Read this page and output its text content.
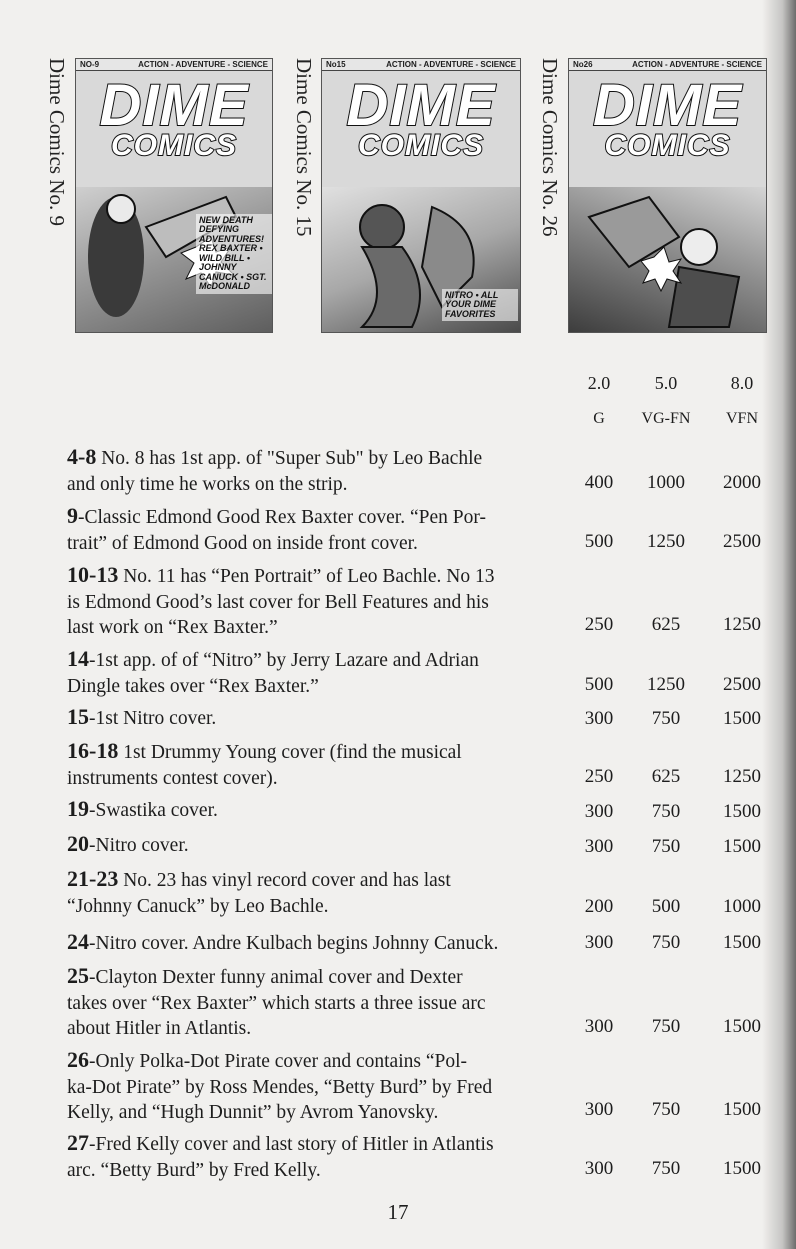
Dime Comics No. 9 NO-9	ACTION - ADVENTURE - SCIENCE
DIME
COMICS
NEW DEATH DEFYING ADVENTURES! REX BAXTER • WILD BILL • JOHNNY CANUCK • SGT. McDONALD
Dime Comics No. 15 No15	ACTION - ADVENTURE - SCIENCE
DIME
COMICS
NITRO • ALL YOUR DIME FAVORITES
Dime Comics No. 26 No26	ACTION - ADVENTURE - SCIENCE
DIME
COMICS
2.0	5.0	8.0
G	VG-FN	VFN
4-8 No. 8 has 1st app. of "Super Sub" by Leo Bachle
and only time he works on the strip.	400	1000	2000
9-Classic Edmond Good Rex Baxter cover. “Pen Por-
trait” of Edmond Good on inside front cover.	500	1250	2500
10-13 No. 11 has “Pen Portrait” of Leo Bachle. No 13
is Edmond Good’s last cover for Bell Features and his
last work on “Rex Baxter.”	250	625	1250
14-1st app. of of “Nitro” by Jerry Lazare and Adrian
Dingle takes over “Rex Baxter.”	500	1250	2500
15-1st Nitro cover.	300	750	1500
16-18 1st Drummy Young cover (find the musical
instruments contest cover).	250	625	1250
19-Swastika cover.	300	750	1500
20-Nitro cover.	300	750	1500
21-23 No. 23 has vinyl record cover and has last
“Johnny Canuck” by Leo Bachle.	200	500	1000
24-Nitro cover. Andre Kulbach begins Johnny Canuck.	300	750	1500
25-Clayton Dexter funny animal cover and Dexter
takes over “Rex Baxter” which starts a three issue arc
about Hitler in Atlantis.	300	750	1500
26-Only Polka-Dot Pirate cover and contains “Pol-
ka-Dot Pirate” by Ross Mendes, “Betty Burd” by Fred
Kelly, and “Hugh Dunnit” by Avrom Yanovsky.	300	750	1500
27-Fred Kelly cover and last story of Hitler in Atlantis
arc. “Betty Burd” by Fred Kelly.	300	750	1500
17
